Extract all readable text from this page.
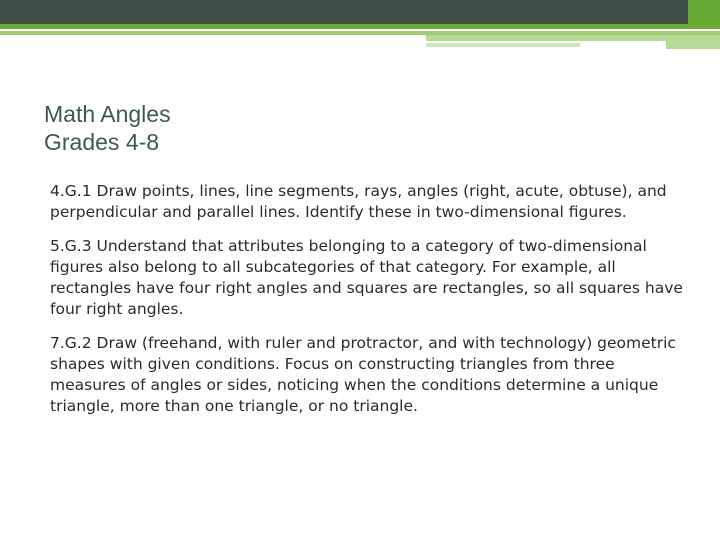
Math Angles
Grades 4-8

4.G.1 Draw points, lines, line segments, rays, angles (right, acute, obtuse), and perpendicular and parallel lines. Identify these in two-dimensional figures.

5.G.3 Understand that attributes belonging to a category of two-dimensional figures also belong to all subcategories of that category. For example, all rectangles have four right angles and squares are rectangles, so all squares have four right angles.

7.G.2 Draw (freehand, with ruler and protractor, and with technology) geometric shapes with given conditions. Focus on constructing triangles from three measures of angles or sides, noticing when the conditions determine a unique triangle, more than one triangle, or no triangle.
